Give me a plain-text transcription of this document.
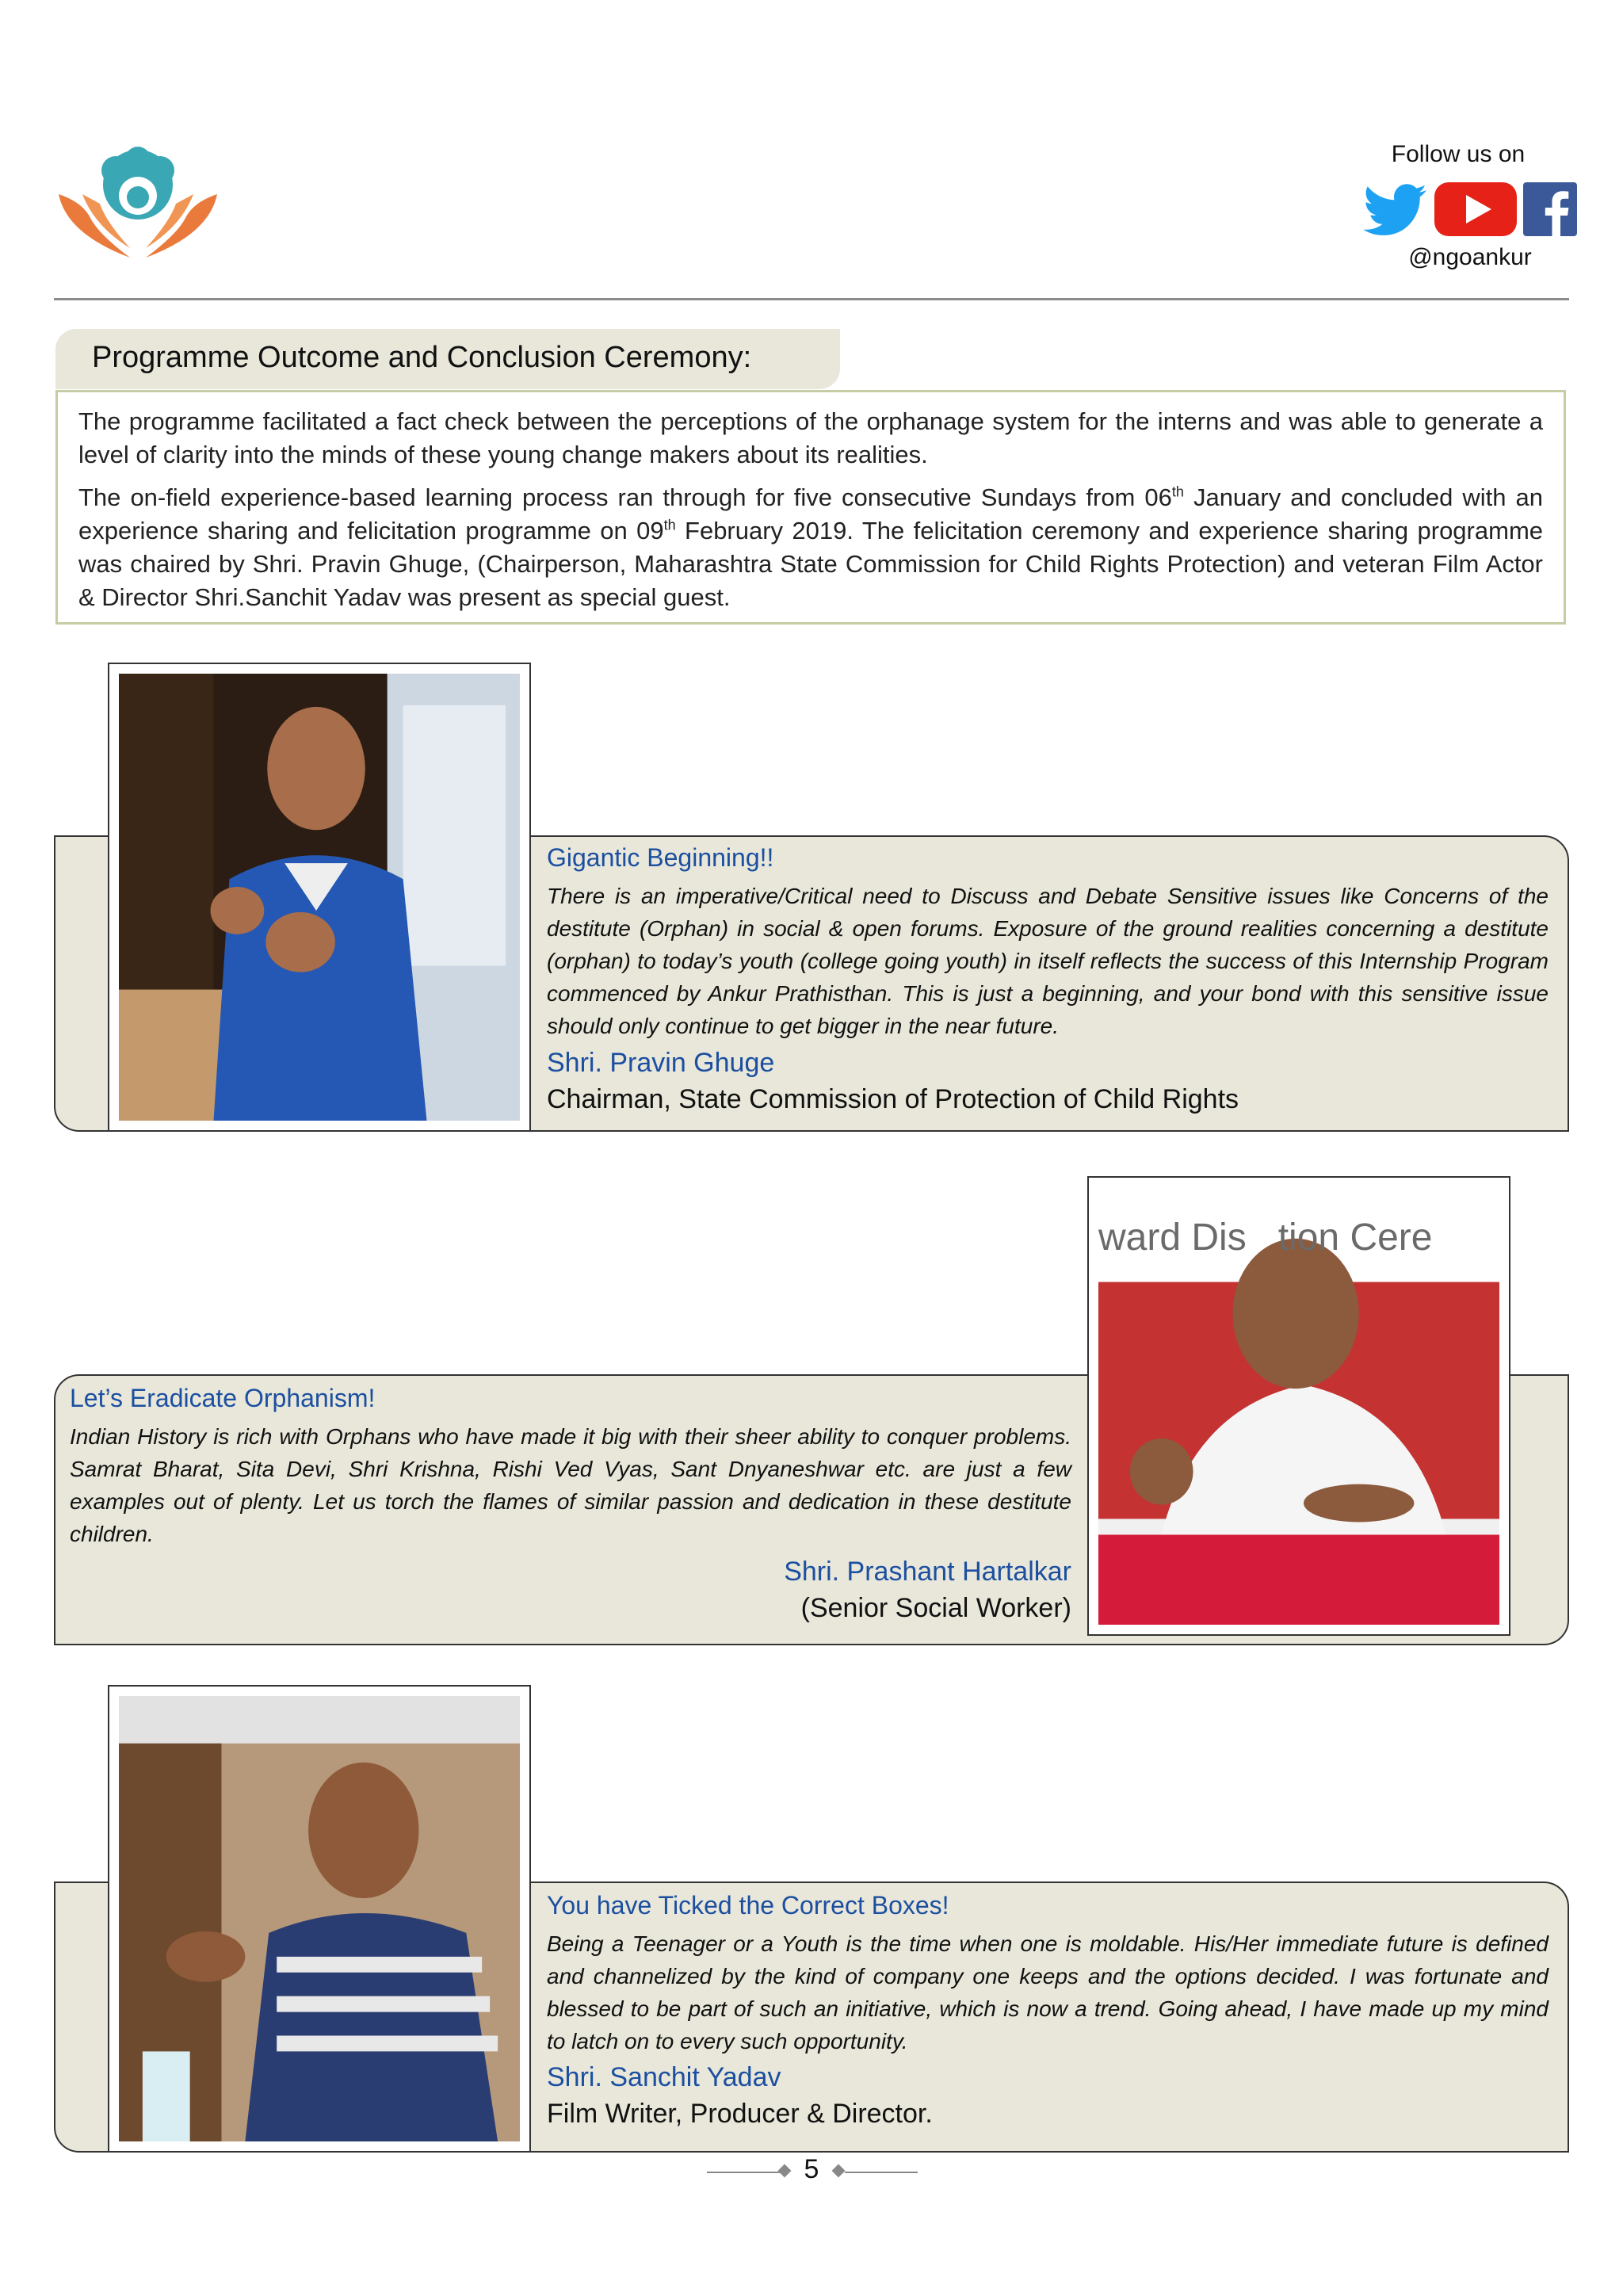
Follow us on
@ngoankur
Programme Outcome and Conclusion Ceremony:

The programme facilitated a fact check between the perceptions of the orphanage system for the interns and was able to generate a level of clarity into the minds of these young change makers about its realities.

The on-field experience-based learning process ran through for five consecutive Sundays from 06th January and concluded with an experience sharing and felicitation programme on 09th February 2019. The felicitation ceremony and experience sharing programme was chaired by Shri. Pravin Ghuge, (Chairperson, Maharashtra State Commission for Child Rights Protection) and veteran Film Actor & Director Shri.Sanchit Yadav was present as special guest.

Gigantic Beginning!!
There is an imperative/Critical need to Discuss and Debate Sensitive issues like Concerns of the destitute (Orphan) in social & open forums. Exposure of the ground realities concerning a destitute (orphan) to today’s youth (college going youth) in itself reflects the success of this Internship Program commenced by Ankur Prathisthan. This is just a beginning, and your bond with this sensitive issue should only continue to get bigger in the near future.
Shri. Pravin Ghuge
Chairman, State Commission of Protection of Child Rights
ward Dis   tion Cere
Let’s Eradicate Orphanism!
Indian History is rich with Orphans who have made it big with their sheer ability to conquer problems. Samrat Bharat, Sita Devi, Shri Krishna, Rishi Ved Vyas, Sant Dnyaneshwar etc. are just a few examples out of plenty. Let us torch the flames of similar passion and dedication in these destitute children.
Shri. Prashant Hartalkar
(Senior Social Worker)
You have Ticked the Correct Boxes!
Being a Teenager or a Youth is the time when one is moldable. His/Her immediate future is defined and channelized by the kind of company one keeps and the options decided. I was fortunate and blessed to be part of such an initiative, which is now a trend. Going ahead, I have made up my mind to latch on to every such opportunity.
Shri. Sanchit Yadav
Film Writer, Producer & Director.
5
